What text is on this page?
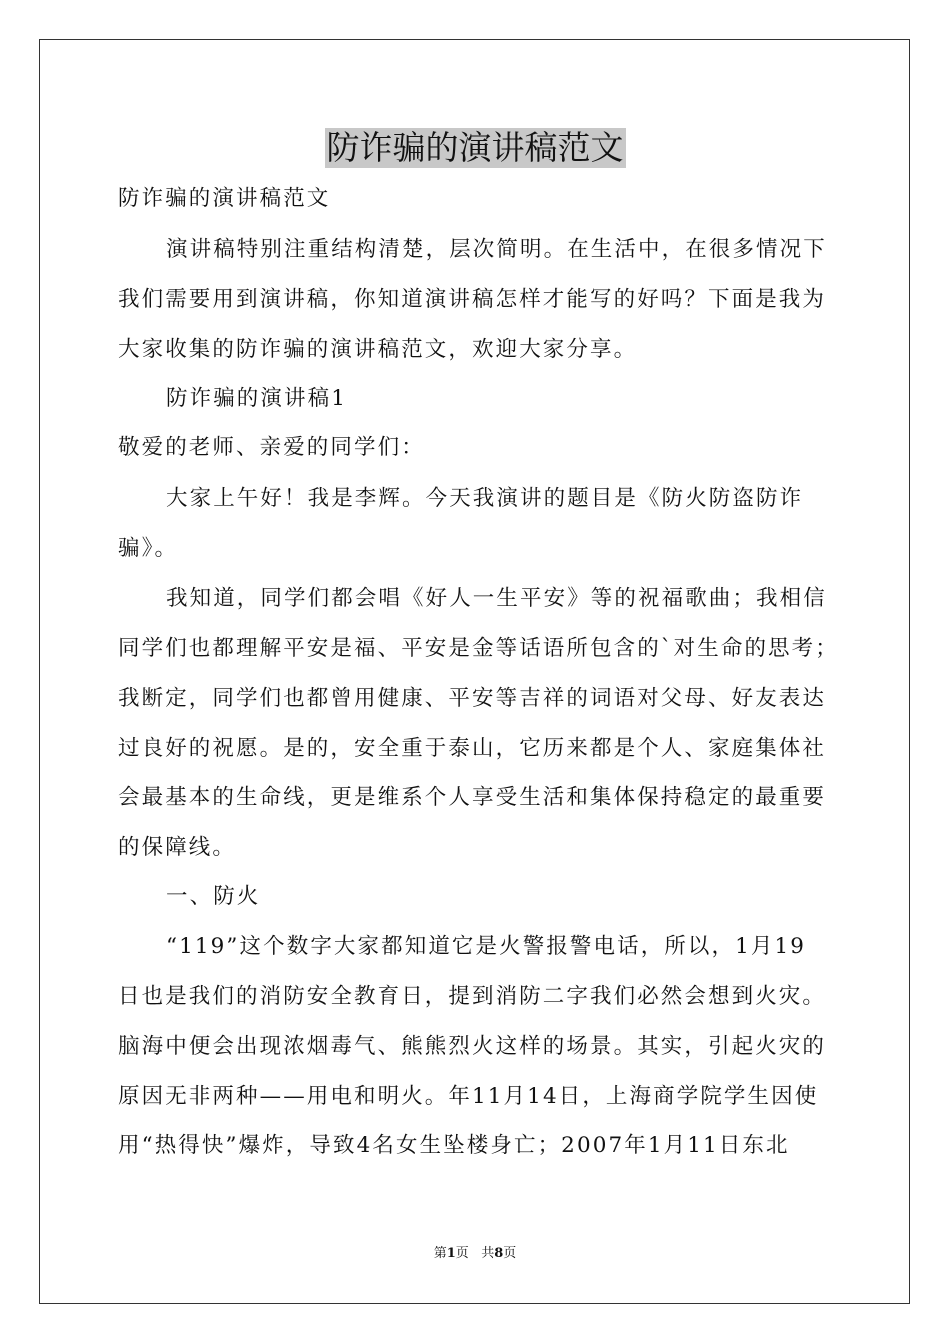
防诈骗的演讲稿范文
防诈骗的演讲稿范文
演讲稿特别注重结构清楚，层次简明。在生活中，在很多情况下
我们需要用到演讲稿，你知道演讲稿怎样才能写的好吗？下面是我为
大家收集的防诈骗的演讲稿范文，欢迎大家分享。
防诈骗的演讲稿1
敬爱的老师、亲爱的同学们：
大家上午好！我是李辉。今天我演讲的题目是《防火防盗防诈
骗》。
我知道，同学们都会唱《好人一生平安》等的祝福歌曲；我相信
同学们也都理解平安是福、平安是金等话语所包含的`对生命的思考；
我断定，同学们也都曾用健康、平安等吉祥的词语对父母、好友表达
过良好的祝愿。是的，安全重于泰山，它历来都是个人、家庭集体社
会最基本的生命线，更是维系个人享受生活和集体保持稳定的最重要
的保障线。
一、防火
“119”这个数字大家都知道它是火警报警电话，所以，1月19
日也是我们的消防安全教育日，提到消防二字我们必然会想到火灾。
脑海中便会出现浓烟毒气、熊熊烈火这样的场景。其实，引起火灾的
原因无非两种——用电和明火。年11月14日，上海商学院学生因使
用“热得快”爆炸，导致4名女生坠楼身亡；2007年1月11日东北
第1页 共8页
